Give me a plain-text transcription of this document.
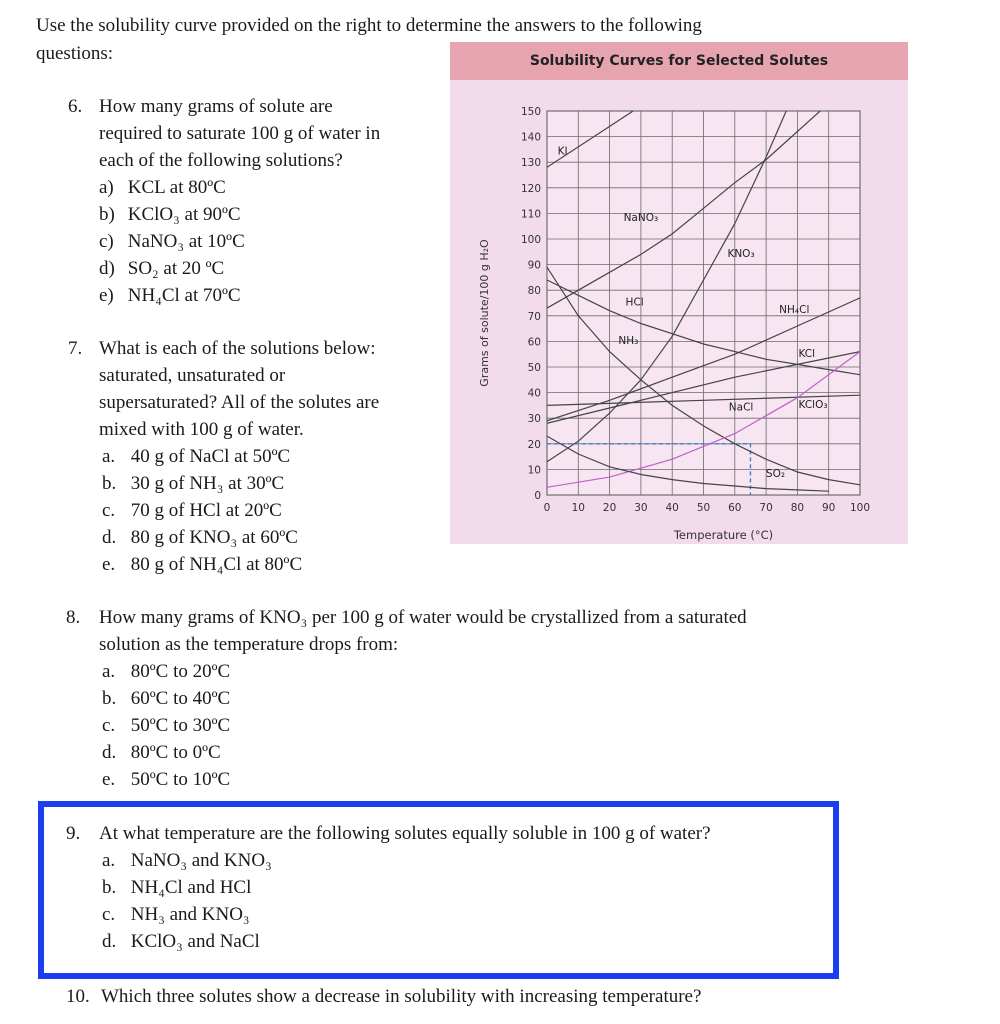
Use the solubility curve provided on the right to determine the answers to the following
questions:
6. How many grams of solute are
required to saturate 100 g of water in
each of the following solutions?
a) KCL at 80ºC
b) KClO₃ at 90ºC
c) NaNO₃ at 10ºC
d) SO₂ at 20 ºC
e) NH₄Cl at 70ºC
7. What is each of the solutions below:
saturated, unsaturated or
supersaturated? All of the solutes are
mixed with 100 g of water.
a. 40 g of NaCl at 50ºC
b. 30 g of NH₃ at 30ºC
c. 70 g of HCl at 20ºC
d. 80 g of KNO₃ at 60ºC
e. 80 g of NH₄Cl at 80ºC
Solubility Curves for Selected Solutes
0
10
20
30
40
50
60
70
80
90
100
110
120
130
140
150
0 10 20 30 40 50 60 70 80 90 100
Temperature (°C)
Grams of solute/100 g H₂O
KI
NaNO₃
KNO₃
HCl
NH₄Cl
KCl
NH₃
NaCl	KClO₃
SO₂
8. How many grams of KNO₃ per 100 g of water would be crystallized from a saturated
solution as the temperature drops from:
a. 80ºC to 20ºC
b. 60ºC to 40ºC
c. 50ºC to 30ºC
d. 80ºC to 0ºC
e. 50ºC to 10ºC
9. At what temperature are the following solutes equally soluble in 100 g of water?
a. NaNO₃ and KNO₃
b. NH₄Cl and HCl
c. NH₃ and KNO₃
d. KClO₃ and NaCl
10. Which three solutes show a decrease in solubility with increasing temperature?
